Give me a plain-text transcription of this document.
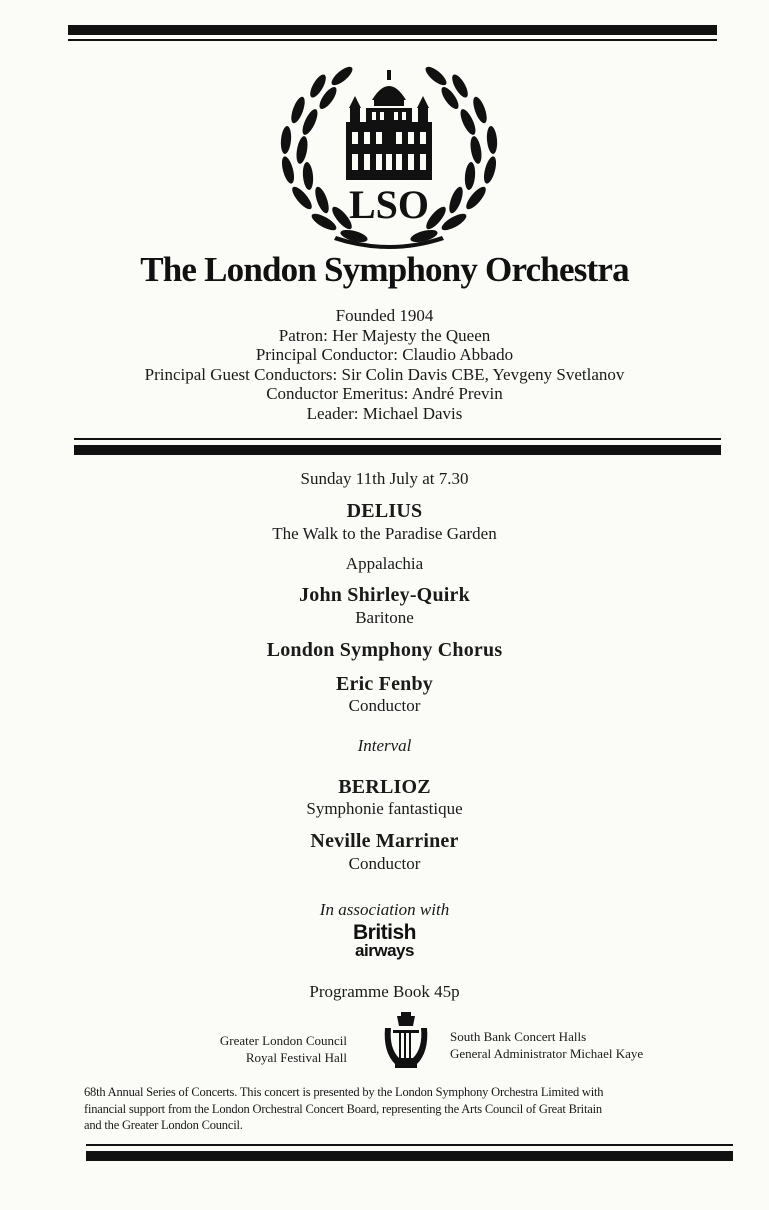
LSO
The London Symphony Orchestra
Founded 1904
Patron: Her Majesty the Queen
Principal Conductor: Claudio Abbado
Principal Guest Conductors: Sir Colin Davis CBE, Yevgeny Svetlanov
Conductor Emeritus: André Previn
Leader: Michael Davis
Sunday 11th July at 7.30
DELIUS
The Walk to the Paradise Garden
Appalachia
John Shirley-Quirk
Baritone
London Symphony Chorus
Eric Fenby
Conductor
Interval
BERLIOZ
Symphonie fantastique
Neville Marriner
Conductor
In association with
British
airways
Programme Book 45p
Greater London Council
Royal Festival Hall
South Bank Concert Halls
General Administrator Michael Kaye
68th Annual Series of Concerts. This concert is presented by the London Symphony Orchestra Limited with
financial support from the London Orchestral Concert Board, representing the Arts Council of Great Britain
and the Greater London Council.
